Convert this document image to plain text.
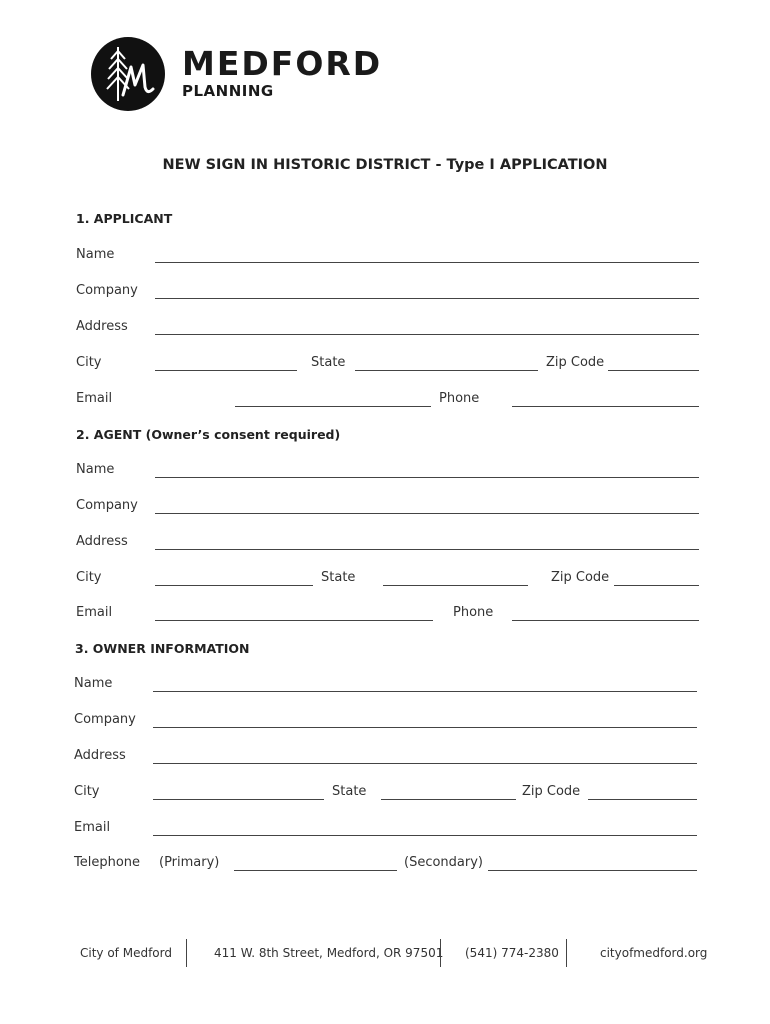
MEDFORD
PLANNING
NEW SIGN IN HISTORIC DISTRICT - Type I APPLICATION
1. APPLICANT
Name
Company
Address
City	State	Zip Code
Email	Phone
2. AGENT (Owner’s consent required)
Name
Company
Address
City	State	Zip Code
Email	Phone
3. OWNER INFORMATION
Name
Company
Address
City	State	Zip Code
Email
Telephone (Primary)	(Secondary)
City of Medford	411 W. 8th Street, Medford, OR 97501 (541) 774-2380	cityofmedford.org
